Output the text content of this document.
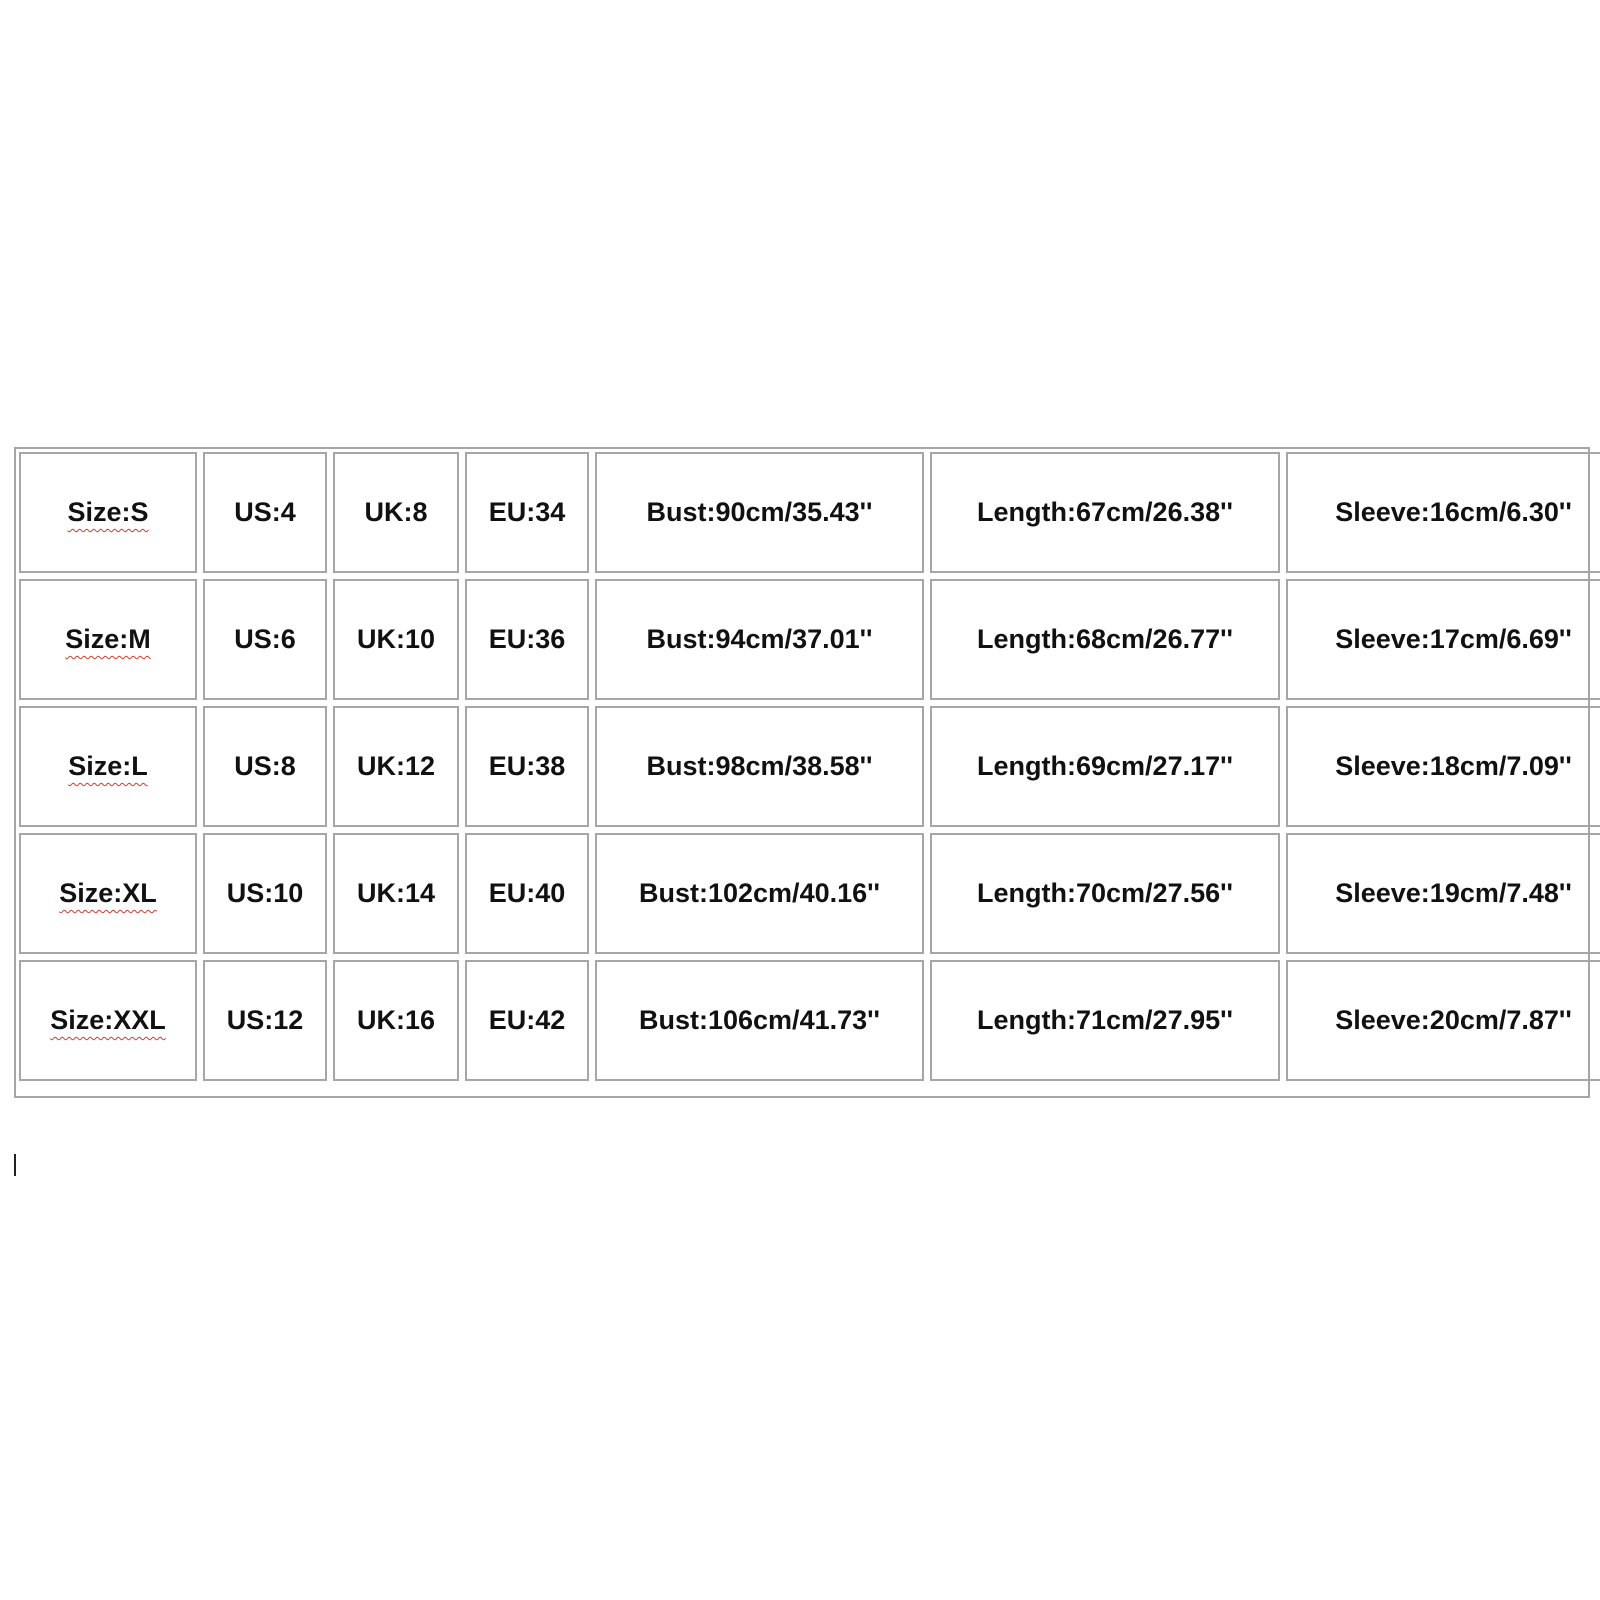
Size:S	US:4	UK:8	EU:34	Bust:90cm/35.43''	Length:67cm/26.38''	Sleeve:16cm/6.30''
Size:M	US:6	UK:10	EU:36	Bust:94cm/37.01''	Length:68cm/26.77''	Sleeve:17cm/6.69''
Size:L	US:8	UK:12	EU:38	Bust:98cm/38.58''	Length:69cm/27.17''	Sleeve:18cm/7.09''
Size:XL	US:10	UK:14	EU:40	Bust:102cm/40.16''	Length:70cm/27.56''	Sleeve:19cm/7.48''
Size:XXL	US:12	UK:16	EU:42	Bust:106cm/41.73''	Length:71cm/27.95''	Sleeve:20cm/7.87''
